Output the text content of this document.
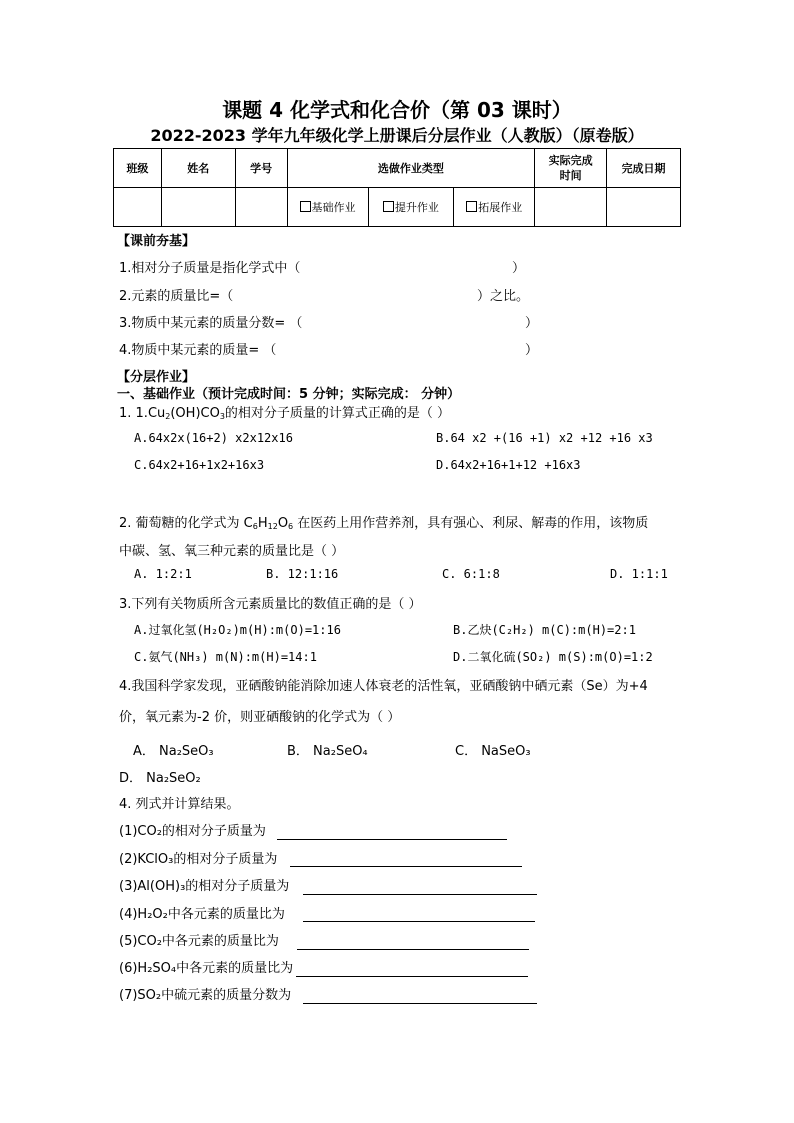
课题 4 化学式和化合价（第 03 课时）
2022-2023 学年九年级化学上册课后分层作业（人教版）（原卷版）
班级	姓名	学号	选做作业类型			实际完成时间	完成日期

			基础作业	提升作业	拓展作业		

【课前夯基】
1.相对分子质量是指化学式中（	）
2.元素的质量比=（	）之比。
3.物质中某元素的质量分数= （	）
4.物质中某元素的质量= （	）
【分层作业】
一、基础作业（预计完成时间：5 分钟；实际完成： 分钟）
1. $1.Cu_2(OH)CO_3$的相对分子质量的计算式正确的是（ ）
A.64x2x(16+2) x2x12x16	B.64 x2 +(16 +1) x2 +12 +16 x3
C.64x2+16+1x2+16x3	D.64x2+16+1+12 +16x3
2. 葡萄糖的化学式为 $C_6H_{12}O_6$ 在医药上用作营养剂，具有强心、利尿、解毒的作用，该物质
中碳、氢、氧三种元素的质量比是（ ）
A. 1:2:1	B. 12:1:16	C. 6:1:8	D. 1:1:1
3.下列有关物质所含元素质量比的数值正确的是（ ）
A.过氧化氢(H₂O₂)m(H):m(O)=1:16	B.乙炔(C₂H₂) m(C):m(H)=2:1
C.氨气(NH₃) m(N):m(H)=14:1	D.二氧化硫(SO₂) m(S):m(O)=1:2
4.我国科学家发现，亚硒酸钠能消除加速人体衰老的活性氧，亚硒酸钠中硒元素（Se）为+4
价，氧元素为-2 价，则亚硒酸钠的化学式为（ ）
A． Na₂SeO₃	B． Na₂SeO₄	C． NaSeO₃
D． Na₂SeO₂
4. 列式并计算结果。
(1)CO₂的相对分子质量为
(2)KClO₃的相对分子质量为
(3)Al(OH)₃的相对分子质量为
(4)H₂O₂中各元素的质量比为
(5)CO₂中各元素的质量比为
(6)H₂SO₄中各元素的质量比为
(7)SO₂中硫元素的质量分数为
